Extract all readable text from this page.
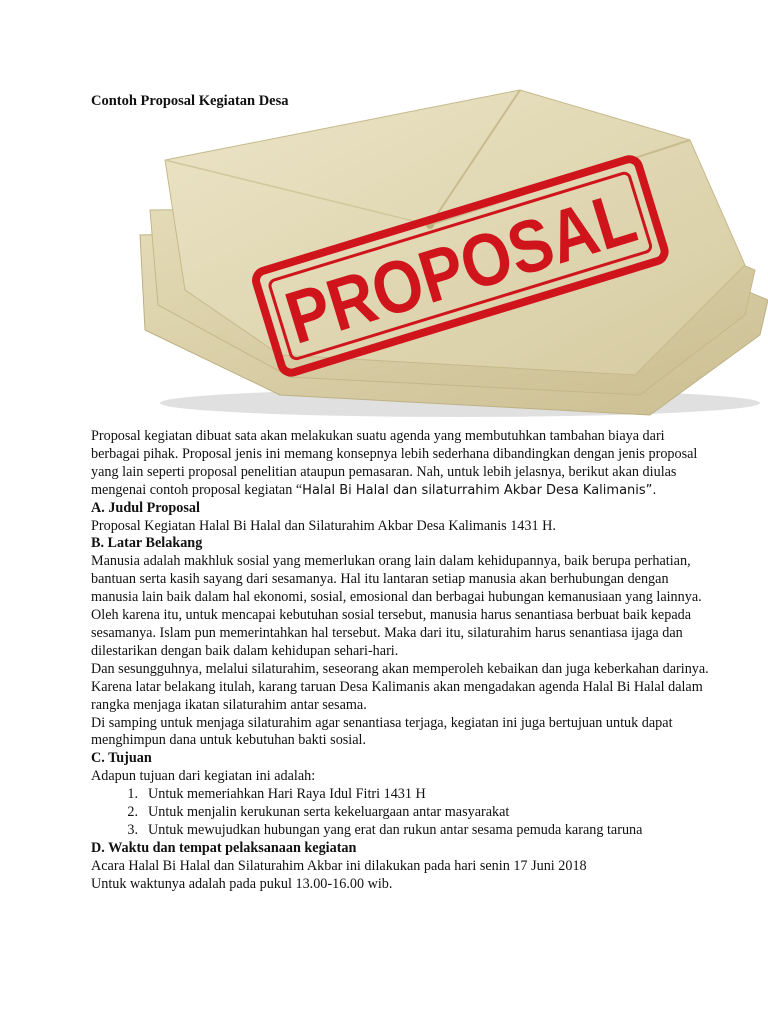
Contoh Proposal Kegiatan Desa
PROPOSAL

Proposal kegiatan dibuat sata akan melakukan suatu agenda yang membutuhkan tambahan biaya dari berbagai pihak. Proposal jenis ini memang konsepnya lebih sederhana dibandingkan dengan jenis proposal yang lain seperti proposal penelitian ataupun pemasaran. Nah, untuk lebih jelasnya, berikut akan diulas mengenai contoh proposal kegiatan “Halal Bi Halal dan silaturrahim Akbar Desa Kalimanis”.

A. Judul Proposal

Proposal Kegiatan Halal Bi Halal dan Silaturahim Akbar Desa Kalimanis 1431 H.

B. Latar Belakang

Manusia adalah makhluk sosial yang memerlukan orang lain dalam kehidupannya, baik berupa perhatian, bantuan serta kasih sayang dari sesamanya. Hal itu lantaran setiap manusia akan berhubungan dengan manusia lain baik dalam hal ekonomi, sosial, emosional dan berbagai hubungan kemanusiaan yang lainnya.

Oleh karena itu, untuk mencapai kebutuhan sosial tersebut, manusia harus senantiasa berbuat baik kepada sesamanya. Islam pun memerintahkan hal tersebut. Maka dari itu, silaturahim harus senantiasa ijaga dan dilestarikan dengan baik dalam kehidupan sehari-hari.

Dan sesungguhnya, melalui silaturahim, seseorang akan memperoleh kebaikan dan juga keberkahan darinya. Karena latar belakang itulah, karang taruan Desa Kalimanis akan mengadakan agenda Halal Bi Halal dalam rangka menjaga ikatan silaturahim antar sesama.

Di samping untuk menjaga silaturahim agar senantiasa terjaga, kegiatan ini juga bertujuan untuk dapat menghimpun dana untuk kebutuhan bakti sosial.

C. Tujuan

Adapun tujuan dari kegiatan ini adalah:

1. Untuk memeriahkan Hari Raya Idul Fitri 1431 H
2. Untuk menjalin kerukunan serta kekeluargaan antar masyarakat
3. Untuk mewujudkan hubungan yang erat dan rukun antar sesama pemuda karang taruna
D. Waktu dan tempat pelaksanaan kegiatan

Acara Halal Bi Halal dan Silaturahim Akbar ini dilakukan pada hari senin 17 Juni 2018

Untuk waktunya adalah pada pukul 13.00-16.00 wib.
